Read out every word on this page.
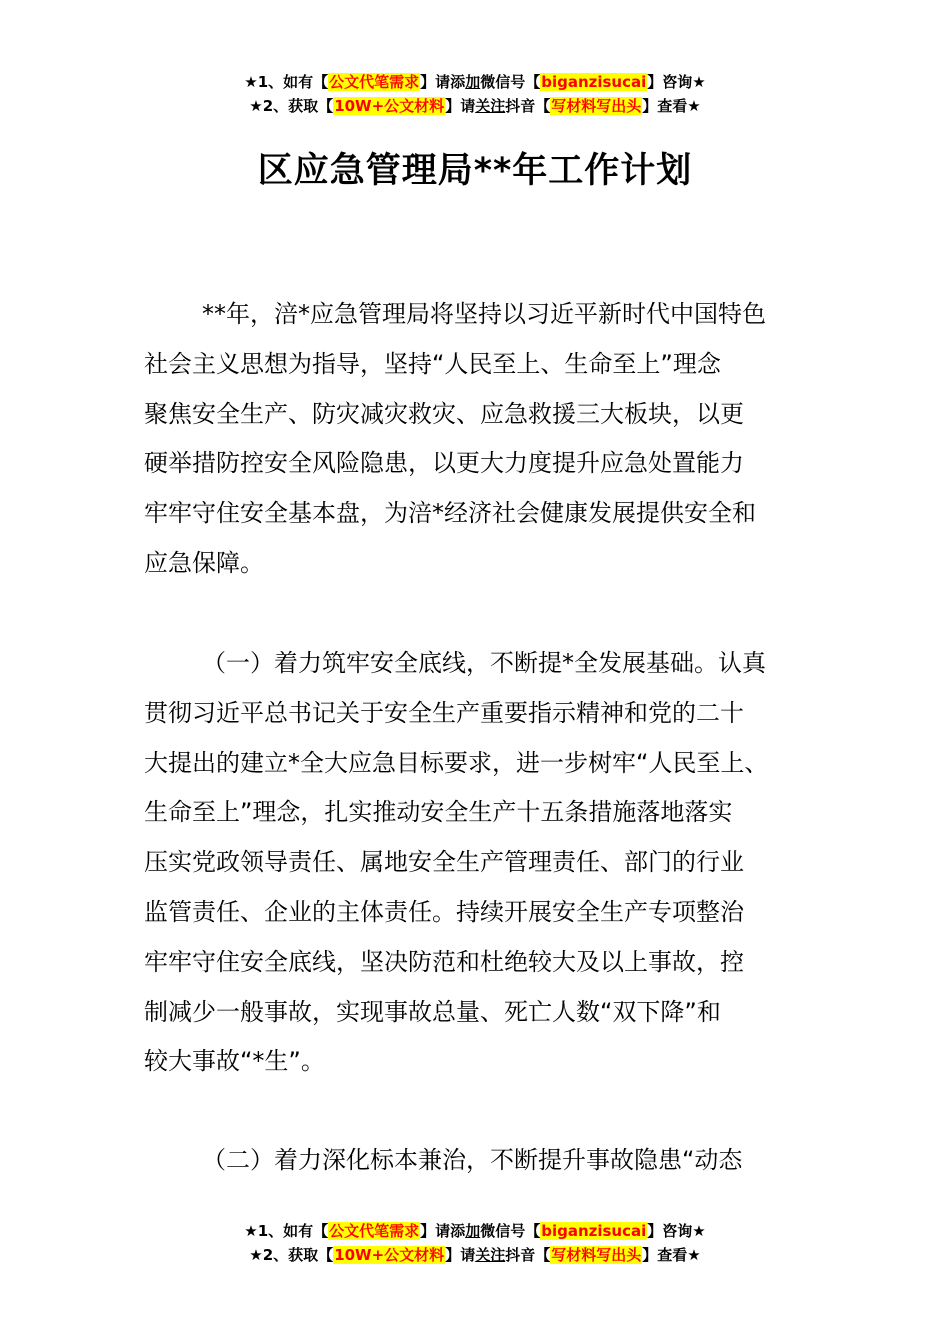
★1、如有【公文代笔需求】请添加微信号【biganzisucai】咨询★
★2、获取【10W+公文材料】请关注抖音【写材料写出头】查看★
区应急管理局**年工作计划
**年，涪*应急管理局将坚持以习近平新时代中国特色
社会主义思想为指导，坚持“人民至上、生命至上”理念
聚焦安全生产、防灾减灾救灾、应急救援三大板块，以更
硬举措防控安全风险隐患，以更大力度提升应急处置能力
牢牢守住安全基本盘，为涪*经济社会健康发展提供安全和
应急保障。
（一）着力筑牢安全底线，不断提*全发展基础。认真
贯彻习近平总书记关于安全生产重要指示精神和党的二十
大提出的建立*全大应急目标要求，进一步树牢“人民至上、
生命至上”理念，扎实推动安全生产十五条措施落地落实
压实党政领导责任、属地安全生产管理责任、部门的行业
监管责任、企业的主体责任。持续开展安全生产专项整治
牢牢守住安全底线，坚决防范和杜绝较大及以上事故，控
制减少一般事故，实现事故总量、死亡人数“双下降”和
较大事故“*生”。
（二）着力深化标本兼治，不断提升事故隐患“动态
★1、如有【公文代笔需求】请添加微信号【biganzisucai】咨询★
★2、获取【10W+公文材料】请关注抖音【写材料写出头】查看★
